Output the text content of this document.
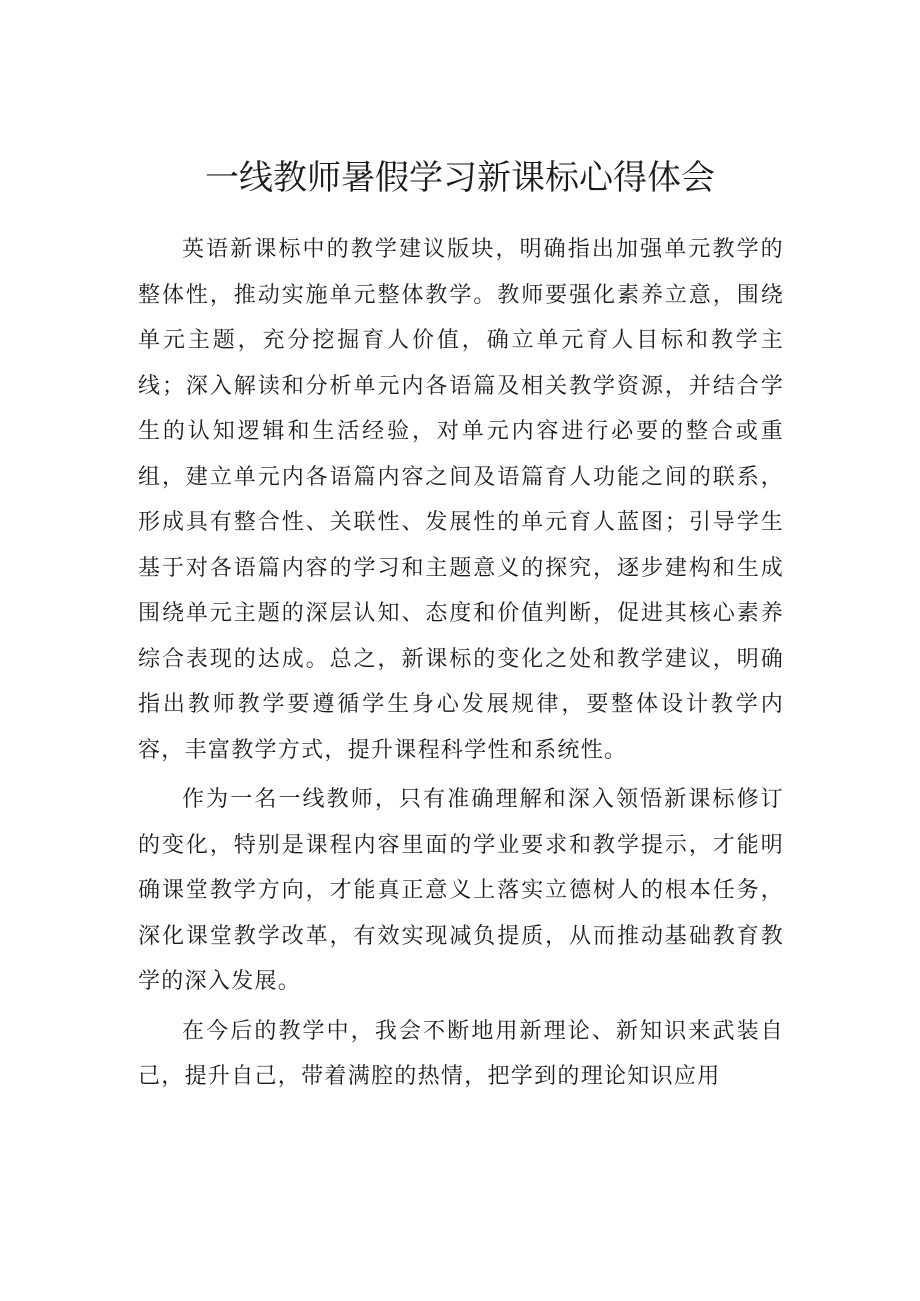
一线教师暑假学习新课标心得体会

英语新课标中的教学建议版块，明确指出加强单元教学的整体性，推动实施单元整体教学。教师要强化素养立意，围绕单元主题，充分挖掘育人价值，确立单元育人目标和教学主线；深入解读和分析单元内各语篇及相关教学资源，并结合学生的认知逻辑和生活经验，对单元内容进行必要的整合或重组，建立单元内各语篇内容之间及语篇育人功能之间的联系，形成具有整合性、关联性、发展性的单元育人蓝图；引导学生基于对各语篇内容的学习和主题意义的探究，逐步建构和生成围绕单元主题的深层认知、态度和价值判断，促进其核心素养综合表现的达成。总之，新课标的变化之处和教学建议，明确指出教师教学要遵循学生身心发展规律，要整体设计教学内容，丰富教学方式，提升课程科学性和系统性。

作为一名一线教师，只有准确理解和深入领悟新课标修订的变化，特别是课程内容里面的学业要求和教学提示，才能明确课堂教学方向，才能真正意义上落实立德树人的根本任务，深化课堂教学改革，有效实现减负提质，从而推动基础教育教学的深入发展。

在今后的教学中，我会不断地用新理论、新知识来武装自己，提升自己，带着满腔的热情，把学到的理论知识应用
